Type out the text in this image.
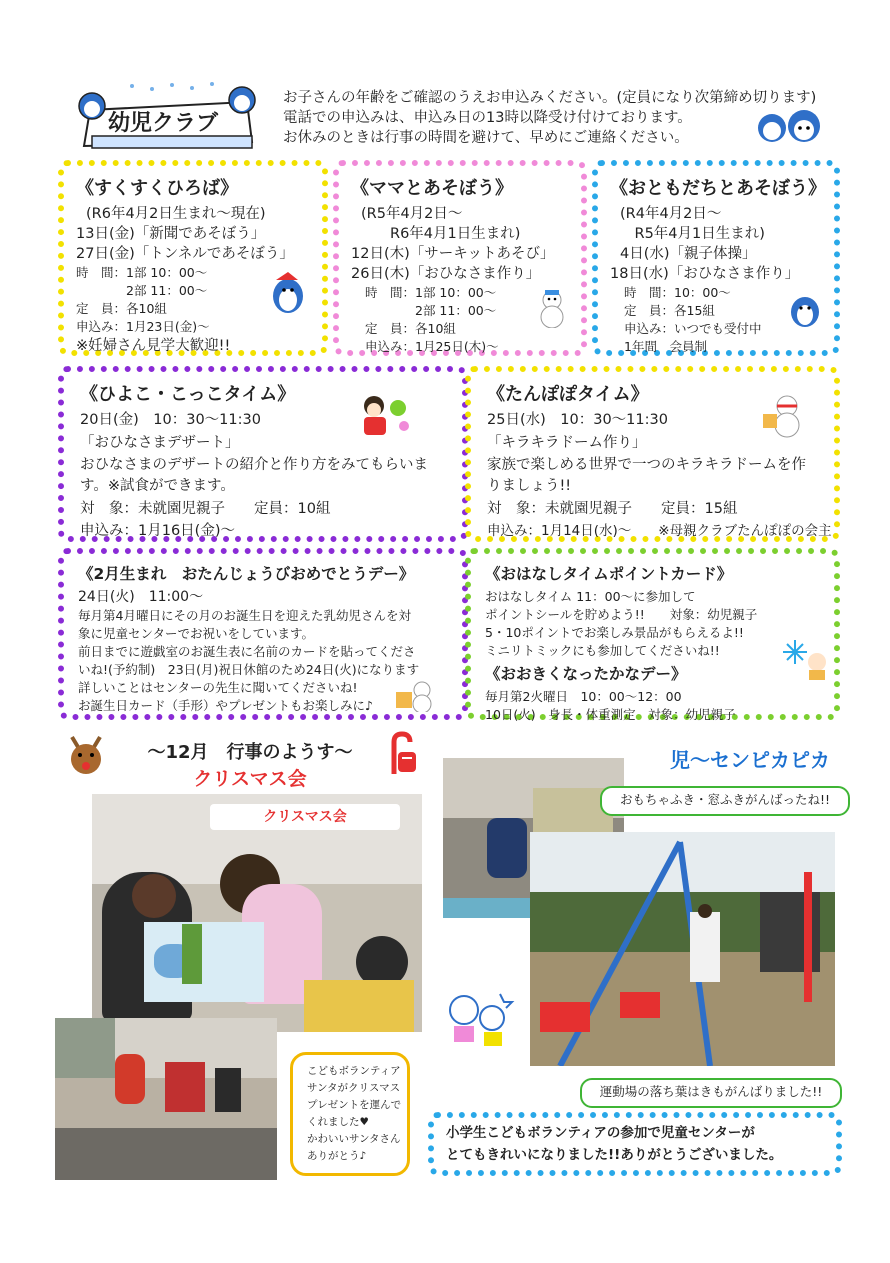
幼児クラブ
お子さんの年齢をご確認のうえお申込みください。(定員になり次第締め切ります)
電話での申込みは、申込み日の13時以降受け付けております。
お休みのときは行事の時間を避けて、早めにご連絡ください。
《すくすくひろば》
(R6年4月2日生まれ〜現在)
13日(金)「新聞であそぼう」
27日(金)「トンネルであそぼう」
時　間：1部 10：00〜
　　　　2部 11：00〜
定　員：各10組
申込み：1月23日(金)〜
※妊婦さん見学大歓迎!!
《ママとあそぼう》
(R5年4月2日〜
　　R6年4月1日生まれ)
12日(木)「サーキットあそび」
26日(木)「おひなさま作り」
時　間：1部 10：00〜
　　　　2部 11：00〜
定　員：各10組
申込み：1月25日(木)〜
《おともだちとあそぼう》
(R4年4月2日〜
　R5年4月1日生まれ)
4日(水)「親子体操」
18日(水)「おひなさま作り」
時　間：10：00〜
定　員：各15組
申込み：いつでも受付中
1年間　会員制
《ひよこ・こっこタイム》
20日(金)　10：30〜11:30
「おひなさまデザート」
おひなさまのデザートの紹介と作り方をみてもらいます。※試食ができます。
対　象：未就園児親子　　定員：10組
申込み：1月16日(金)〜
《たんぽぽタイム》
25日(水)　10：30〜11:30
「キラキラドーム作り」
家族で楽しめる世界で一つのキラキラドームを作りましょう!!
対　象：未就園児親子　　定員：15組
申込み：1月14日(水)〜　　※母親クラブたんぽぽの会主
《2月生まれ　おたんじょうびおめでとうデー》
24日(火)　11:00〜
毎月第4月曜日にその月のお誕生日を迎えた乳幼児さんを対
象に児童センターでお祝いをしています。
前日までに遊戯室のお誕生表に名前のカードを貼ってくださ
いね!(予約制)　23日(月)祝日休館のため24日(火)になります
詳しいことはセンターの先生に聞いてくださいね!
お誕生日カード（手形）やプレゼントもお楽しみに♪
《おはなしタイムポイントカード》
おはなしタイム 11：00〜に参加して
ポイントシールを貯めよう!!　　対象：幼児親子
5・10ポイントでお楽しみ景品がもらえるよ!!
ミニリトミックにも参加してくださいね!!
《おおきくなったかなデー》
毎月第2火曜日　10：00〜12：00
10日(火)　身長・体重測定　対象：幼児親子
〜12月　行事のようす〜
クリスマス会
クリスマス会
こどもボランティア
サンタがクリスマス
プレゼントを運んで
くれました♥
かわいいサンタさん
ありがとう♪
児〜センピカピカ
おもちゃふき・窓ふきがんばったね!!
運動場の落ち葉はきもがんばりました!!
小学生こどもボランティアの参加で児童センターが
とてもきれいになりました!!ありがとうございました。
